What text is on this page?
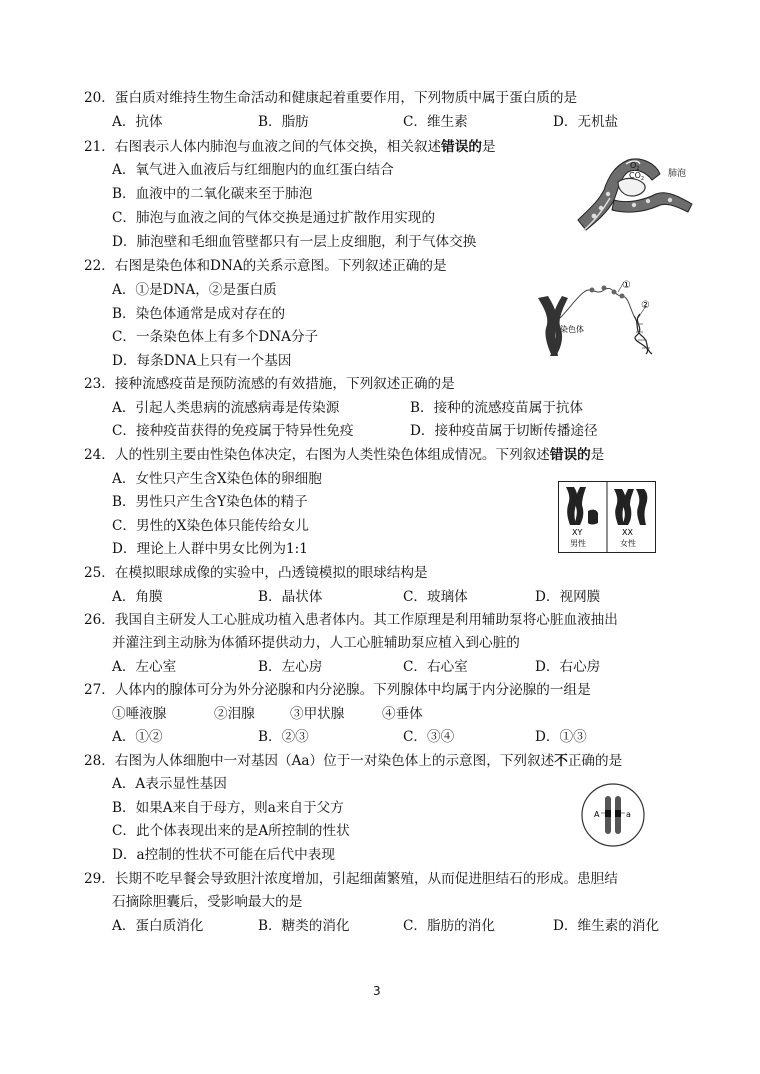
20．蛋白质对维持生物生命活动和健康起着重要作用，下列物质中属于蛋白质的是
A．抗体	B．脂肪	C．维生素	D．无机盐
21．右图表示人体内肺泡与血液之间的气体交换，相关叙述错误的是
A．氧气进入血液后与红细胞内的血红蛋白结合
B．血液中的二氧化碳来至于肺泡
C．肺泡与血液之间的气体交换是通过扩散作用实现的
D．肺泡壁和毛细血管壁都只有一层上皮细胞，利于气体交换
$O_2$
$CO_2$	肺泡
22．右图是染色体和DNA的关系示意图。下列叙述正确的是
A．①是DNA，②是蛋白质
B．染色体通常是成对存在的
C．一条染色体上有多个DNA分子
D．每条DNA上只有一个基因
①
②
染色体
23．接种流感疫苗是预防流感的有效措施，下列叙述正确的是
A．引起人类患病的流感病毒是传染源	B．接种的流感疫苗属于抗体
C．接种疫苗获得的免疫属于特异性免疫	D．接种疫苗属于切断传播途径
24．人的性别主要由性染色体决定，右图为人类性染色体组成情况。下列叙述错误的是
A．女性只产生含X染色体的卵细胞
B．男性只产生含Y染色体的精子
C．男性的X染色体只能传给女儿
D．理论上人群中男女比例为1:1
XY
男性
XX
女性
25．在模拟眼球成像的实验中，凸透镜模拟的眼球结构是
A．角膜	B．晶状体	C．玻璃体	D．视网膜
26．我国自主研发人工心脏成功植入患者体内。其工作原理是利用辅助泵将心脏血液抽出
并灌注到主动脉为体循环提供动力，人工心脏辅助泵应植入到心脏的
A．左心室	B．左心房	C．右心室	D．右心房
27．人体内的腺体可分为外分泌腺和内分泌腺。下列腺体中均属于内分泌腺的一组是
①唾液腺	②泪腺	③甲状腺	④垂体
A．①②	B．②③	C．③④	D．①③
28．右图为人体细胞中一对基因（Aa）位于一对染色体上的示意图，下列叙述不正确的是
A．A表示显性基因
B．如果A来自于母方，则a来自于父方
C．此个体表现出来的是A所控制的性状
D．a控制的性状不可能在后代中表现
A	a
29．长期不吃早餐会导致胆汁浓度增加，引起细菌繁殖，从而促进胆结石的形成。患胆结
石摘除胆囊后，受影响最大的是
A．蛋白质消化	B．糖类的消化	C．脂肪的消化	D．维生素的消化
3
